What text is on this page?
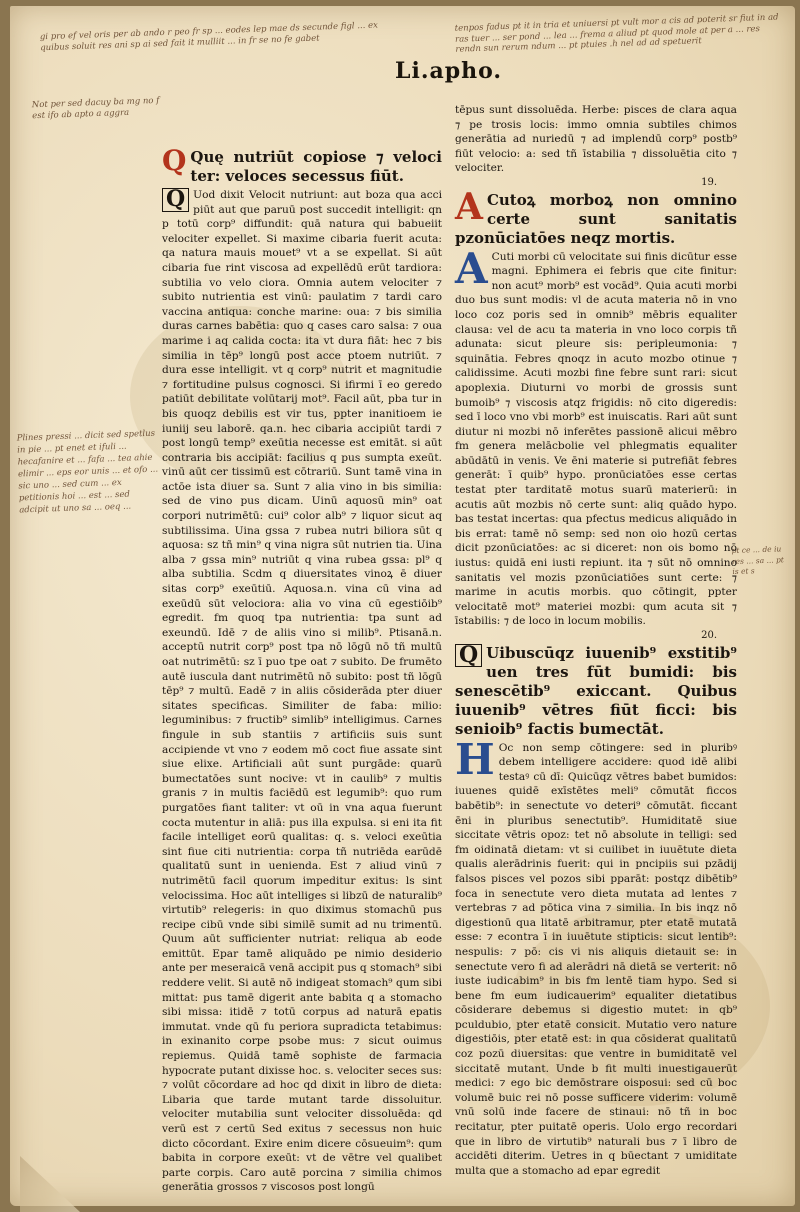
gi pro ef vel oris per ab ando r peo fr sp ... eodes lep mae ds secunde figl ... ex quibus soluit res ani sp ai sed fait it mulliit ... in fr se no fe gabet
Not per sed dacuy ba mg no f est ifo ab apto a aggra
tenpos fadus pt it in tria et uniuersi pt vult mor a cis ad poterit sr fiut in ad ras tuer ... ser pond ... lea ... frema a aliud pt quod mole at per a ... res rendn sun rerum ndum ... pt ptuies .h nel ad ad spetuerit
Plines pressi ... dicit sed spetlus in pie ... pt enet et ifuli ... hecafanire et ... fafa ... tea ahie elimir ... eps eor unis ... et ofo ... sic uno ... sed cum ... ex petitionis hoi ... est ... sed adcipit ut uno sa ... oeq ...
pt ce ... de iu res ... sa ... pt is et s
Li.apho.
Q Quę nutriūt copiose ⁊ veloci ter: veloces secessus fiūt.

Q Uod dixit Velocit nutriunt: aut boza qua acci piūt aut que paruū post succedit intelligit: qn p totū corp⁹ diffundit: quā natura qui babueiit velociter expellet. Si maxime cibaria fuerit acuta: qa natura mauis mouet⁹ vt a se expellat. Si aūt cibaria fue rint viscosa ad expellēdū erūt tardiora: subtilia vo velo ciora. Omnia autem velociter ⁊ subito nutrientia est vinū: paulatim ⁊ tardi caro vaccina antiqua: conche marine: oua: ⁊ bis similia duras carnes babētia: quo q cases caro salsa: ⁊ oua marime i aq calida cocta: ita vt dura fiāt: hec ⁊ bis similia in tēp⁹ longū post acce ptoem nutriūt. ⁊ dura esse intelligit. vt q corp⁹ nutrit et magnitudie ⁊ fortitudine pulsus cognosci. Si ifirmi ī eo geredo patiūt debilitate volūtarij mot⁹. Facil aūt, pba tur in bis quoqz debilis est vir tus, ppter inanitioem ie iuniij seu laborē. qa.n. hec cibaria accipiūt tardi ⁊ post longū temp⁹ exeūtia necesse est emitāt. si aūt contraria bis accipiāt: facilius q pus sumpta exeūt. vinū aūt cer tissimū est cōtrariū. Sunt tamē vina in actōe ista diuer sa. Sunt ⁊ alia vino in bis similia: sed de vino pus dicam. Uinū aquosū min⁹ oat corpori nutrimētū: cui⁹ color alb⁹ ⁊ liquor sicut aq subtilissima. Uina gssa ⁊ rubea nutri biliora sūt q aquosa: sz tñ min⁹ q vina nigra sūt nutrien tia. Uina alba ⁊ gssa min⁹ nutriūt q vina rubea gssa: pl⁹ q alba subtilia. Scdm q diuersitates vinoꝝ ē diuer sitas corp⁹ exeūtiū. Aquosa.n. vina cū vina ad exeūdū sūt velociora: alia vo vina cū egestiōib⁹ egredit. fm quoq tpa nutrientia: tpa sunt ad exeundū. Idē ⁊ de aliis vino si milib⁹. Ptisanā.n. acceptū nutrit corp⁹ post tpa nō lōgū nō tñ multū oat nutrimētū: sz ī puo tpe oat ⁊ subito. De frumēto autē iuscula dant nutrimētū nō subito: post tñ lōgū tēp⁹ ⁊ multū. Eadē ⁊ in aliis cōsiderāda pter diuer sitates specificas. Similiter de faba: milio: leguminibus: ⁊ fructib⁹ simlib⁹ intelligimus. Carnes fingule in sub stantiis ⁊ artificiis suis sunt accipiende vt vno ⁊ eodem mō coct fiue assate sint siue elixe. Artificiali aūt sunt purgāde: quarū bumectatōes sunt nocive: vt in caulib⁹ ⁊ multis granis ⁊ in multis faciēdū est legumib⁹: quo rum purgatōes fiant taliter: vt oū in vna aqua fuerunt cocta mutentur in aliā: pus illa expulsa. si eni ita fit facile intelliget eorū qualitas: q. s. veloci exeūtia sint fiue citi nutrientia: corpa tñ nutriēda earūdē qualitatū sunt in uenienda. Est ⁊ aliud vinū ⁊ nutrimētū facil quorum impeditur exitus: ls sint velocissima. Hoc aūt intelliges si libzū de naturalib⁹ virtutib⁹ relegeris: in quo diximus stomachū pus recipe cibū vnde sibi similē sumit ad nu trimentū. Quum aūt sufficienter nutriat: reliqua ab eode emittūt. Epar tamē aliquādo pe nimio desiderio ante per meseraicā venā accipit pus q stomach⁹ sibi reddere velit. Si autē nō indigeat stomach⁹ qum sibi mittat: pus tamē digerit ante babita q a stomacho sibi missa: itidē ⁊ totū corpus ad naturā epatis immutat. vnde qū fu periora supradicta tetabimus: in exinanito corpe psobe mus: ⁊ sicut ouimus repiemus. Quidā tamē sophiste de farmacia hypocrate putant dixisse hoc. s. velociter seces sus: ⁊ volūt cōcordare ad hoc qd dixit in libro de dieta: Libaria que tarde mutant tarde dissoluitur. velociter mutabilia sunt velociter dissoluēda: qd verū est ⁊ certū Sed exitus ⁊ secessus non huic dicto cōcordant. Exire enim dicere cōsueuim⁹: qum babita in corpore exeūt: vt de vētre vel qualibet parte corpis. Caro autē porcina ⁊ similia chimos generātia grossos ⁊ viscosos post longū

tēpus sunt dissoluēda. Herbe: pisces de clara aqua ⁊ pe trosis locis: immo omnia subtiles chimos generātia ad nuriedū ⁊ ad implendū corp⁹ postb⁹ fiūt velocio: a: sed tñ īstabilia ⁊ dissoluētia cito ⁊ velociter.

19.
A Cutoꝝ morboꝝ non omnino certe sunt sanitatis pzonūciatōes neqz mortis.

A Cuti morbi cū velocitate sui finis dicūtur esse magni. Ephimera ei febris que cite finitur: non acut⁹ morb⁹ est vocād⁹. Quia acuti morbi duo bus sunt modis: vl de acuta materia nō in vno loco coz poris sed in omnib⁹ mēbris equaliter clausa: vel de acu ta materia in vno loco corpis tñ adunata: sicut pleure sis: peripleumonia: ⁊ squinātia. Febres qnoqz in acuto mozbo otinue ⁊ calidissime. Acuti mozbi fine febre sunt rari: sicut apoplexia. Diuturni vo morbi de grossis sunt bumoib⁹ ⁊ viscosis atqz frigidis: nō cito digeredis: sed ī loco vno vbi morb⁹ est inuiscatis. Rari aūt sunt diutur ni mozbi nō inferētes passionē alicui mēbro fm genera melācbolie vel phlegmatis equaliter abūdātū in venis. Ve ēni materie si putrefiāt febres generāt: ī quib⁹ hypo. pronūciatōes esse certas testat pter tarditatē motus suarū materierū: in acutis aūt mozbis nō certe sunt: aliq quādo hypo. bas testat incertas: qua pfectus medicus aliquādo in bis errat: tamē nō semp: sed non oio hozū certas dicit pzonūciatōes: ac si diceret: non ois bomo nō iustus: quidā eni iusti repiunt. ita ⁊ sūt nō omnino sanitatis vel mozis pzonūciatiōes sunt certe: ⁊ marime in acutis morbis. quo cōtingit, ppter velocitatē mot⁹ materiei mozbi: qum acuta sit ⁊ īstabilis: ⁊ de loco in locum mobilis.

20.
Q Uibuscūqz iuuenib⁹ exstitib⁹ uen tres fūt bumidi: bis senescētib⁹ exiccant. Quibus iuuenib⁹ vētres fiūt ficci: bis senioib⁹ factis bumectāt.

H Oc non semp cōtingere: sed in pluribꝰ debem intelligere accidere: quod idē alibi testaꝰ cū dī: Quicūqz vētres babet bumidos: iuuenes quidē exīstētes meli⁹ cōmutāt ficcos babētib⁹: in senectute vo deteri⁹ cōmutāt. ficcant ēni in pluribus senectutib⁹. Humiditatē siue siccitate vētris opoz: tet nō absolute in telligi: sed fm oidinatā dietam: vt si cuilibet in iuuētute dieta qualis alerādrinis fuerit: qui in pncipiis sui pzādij falsos pisces vel pozos sibi pparāt: postqz dibētib⁹ foca in senectute vero dieta mutata ad lentes ⁊ vertebras ⁊ ad pōtica vina ⁊ similia. In bis inqz nō digestionū qua litatē arbitramur, pter etatē mutatā esse: ⁊ econtra ī in iuuētute stipticis: sicut lentib⁹: nespulis: ⁊ pō: cis vi nis aliquis dietauit se: in senectute vero fi ad alerādri nā dietā se verterit: nō iuste iudicabim⁹ in bis fm lentē tiam hypo. Sed si bene fm eum iudicauerim⁹ equaliter dietatibus cōsiderare debemus si digestio mutet: in qb⁹ pculdubio, pter etatē consicit. Mutatio vero nature digestiōis, pter etatē est: in qua cōsiderat qualitatū coz pozū diuersitas: que ventre in bumiditatē vel siccitatē mutant. Unde b fit multi inuestigauerūt medici: ⁊ ego bic demōstrare oisposui: sed cū boc volumē buic rei nō posse sufficere viderim: volumē vnū solū inde facere de stinaui: nō tñ in boc recitatur, pter puitatē operis. Uolo ergo recordari que in libro de virtutib⁹ naturali bus ⁊ ī libro de accidēti diterim. Uetres in q būectant ⁊ umiditate multa que a stomacho ad epar egredit
